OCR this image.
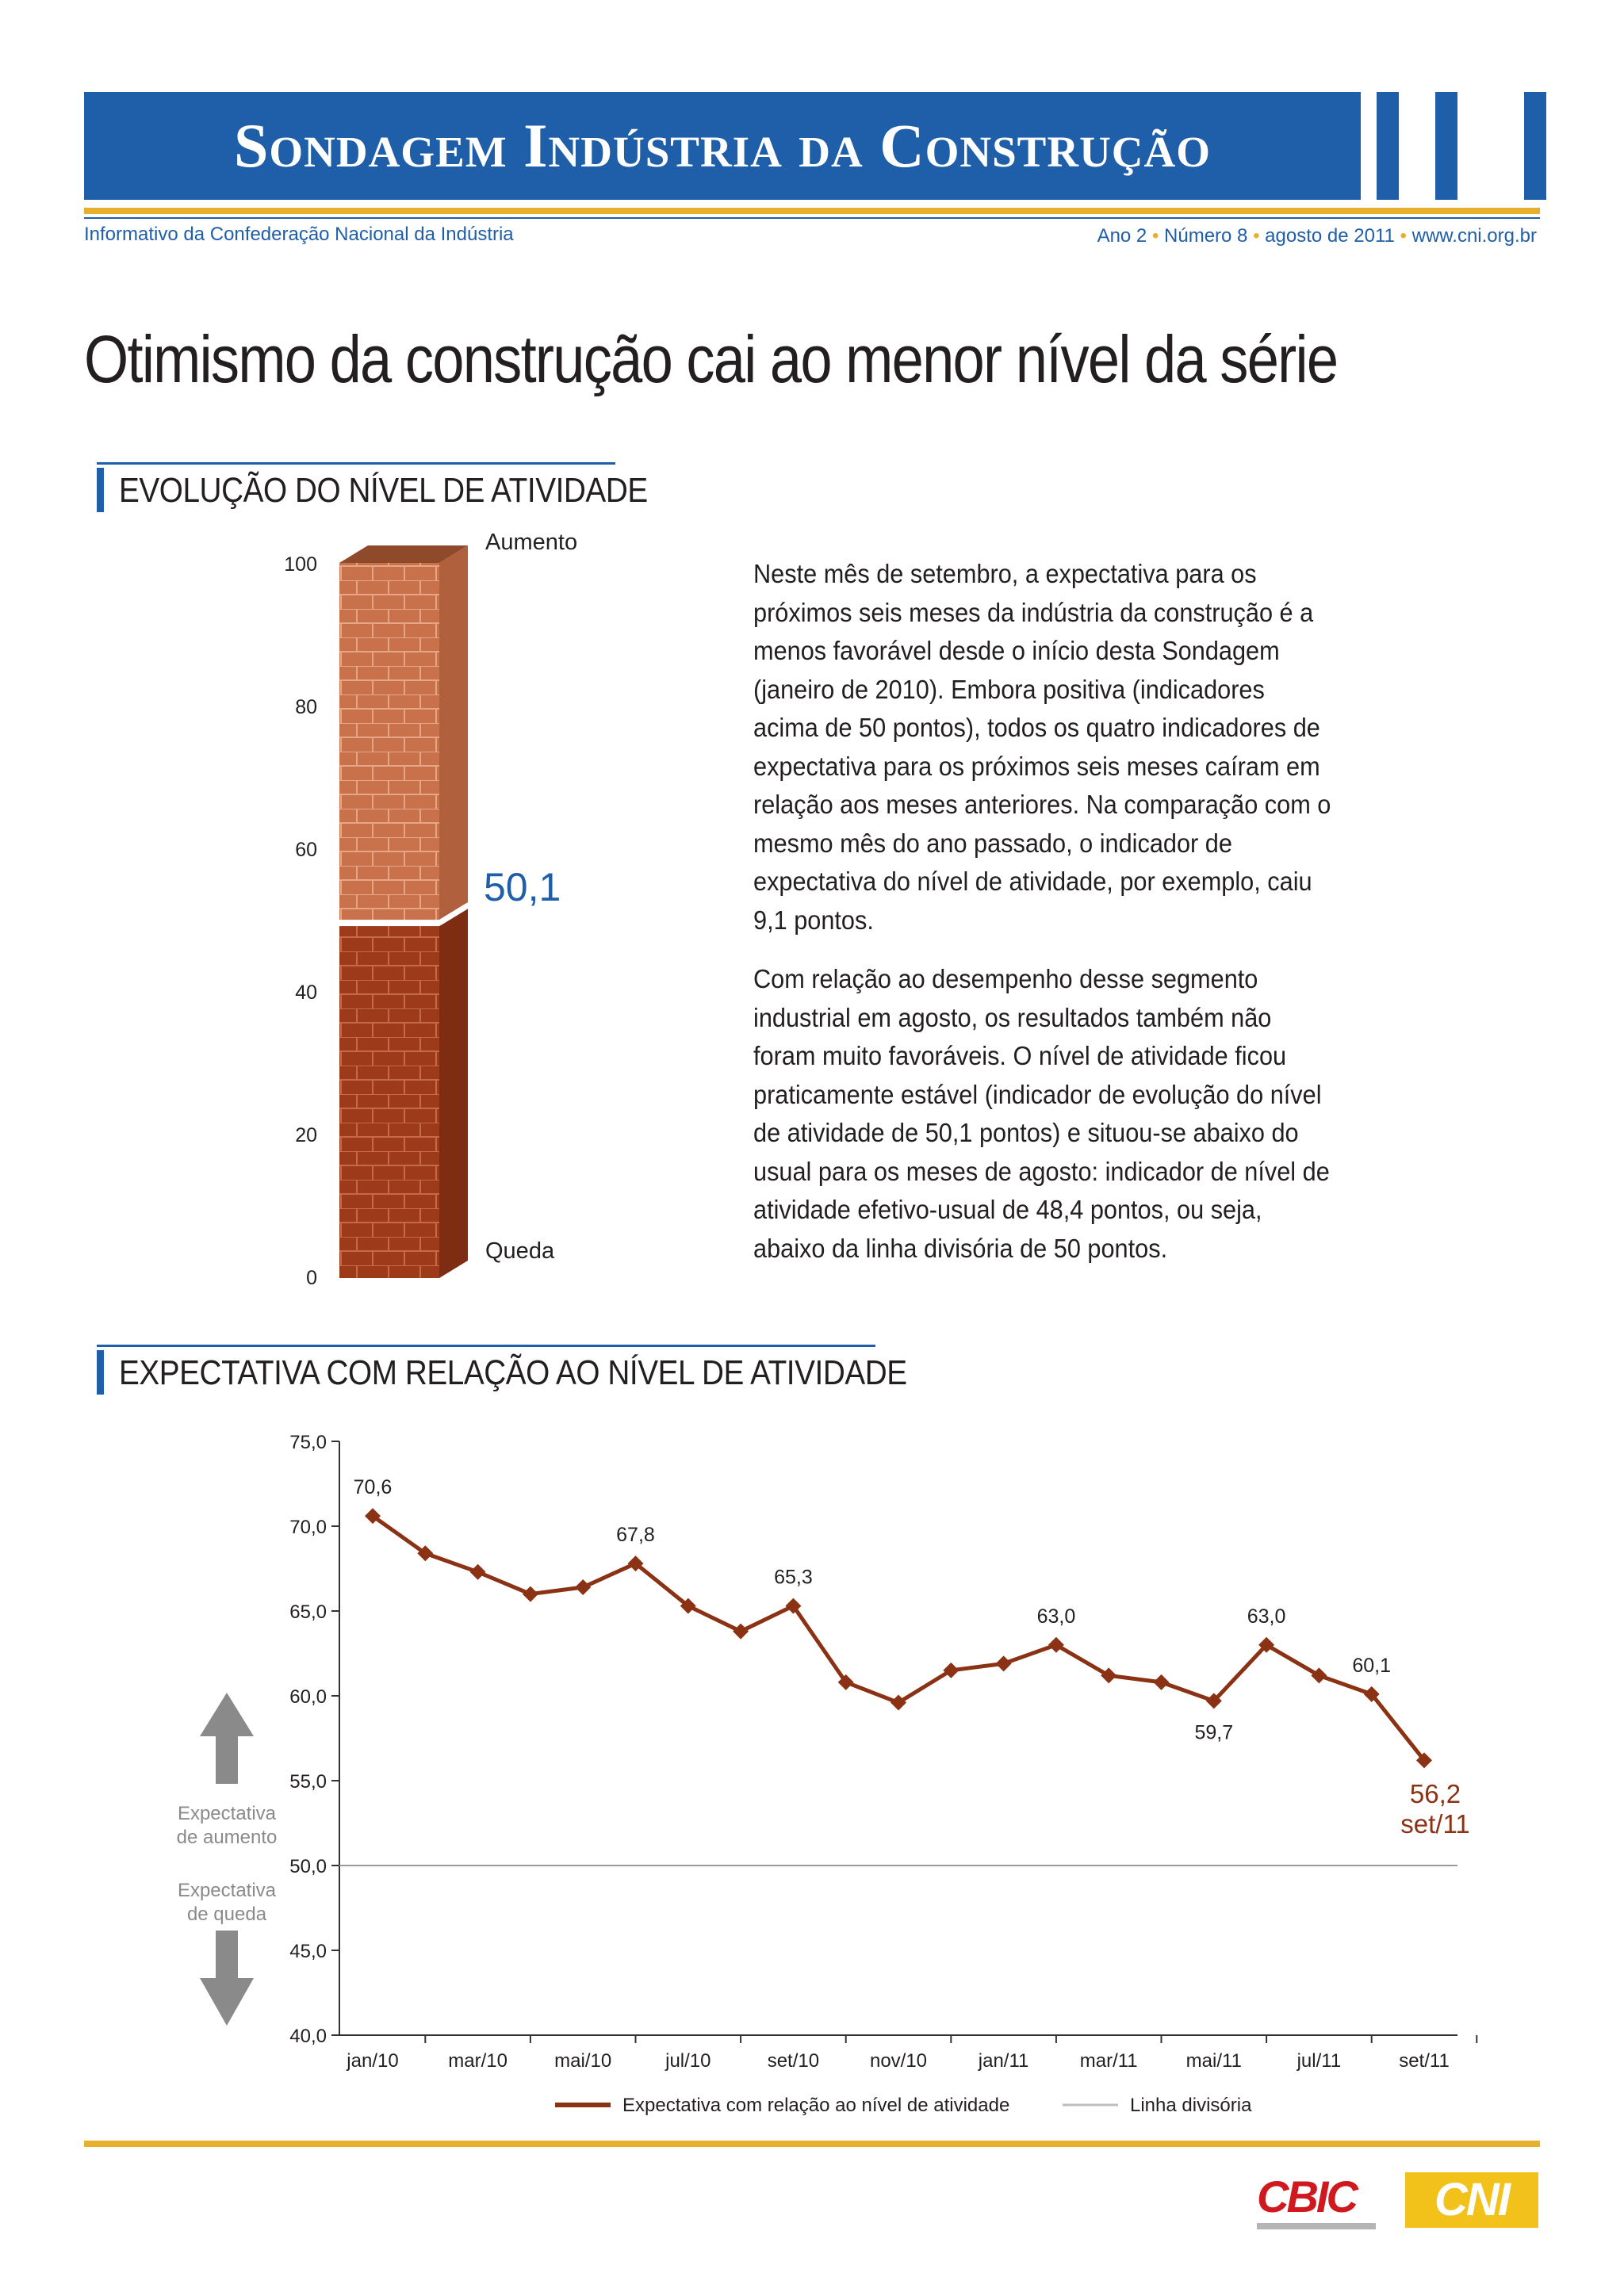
Sondagem Indústria da Construção
Informativo da Confederação Nacional da Indústria	Ano 2 • Número 8 • agosto de 2011 • www.cni.org.br
Otimismo da construção cai ao menor nível da série
EVOLUÇÃO DO NÍVEL DE ATIVIDADE
Aumento
Queda
50,1
100
80
60
40
20
0

Neste mês de setembro, a expectativa para os próximos seis meses da indústria da construção é a menos favorável desde o início desta Sondagem (janeiro de 2010). Embora positiva (indicadores acima de 50 pontos), todos os quatro indicadores de expectativa para os próximos seis meses caíram em relação aos meses anteriores. Na comparação com o mesmo mês do ano passado, o indicador de expectativa do nível de atividade, por exemplo, caiu 9,1 pontos.

Com relação ao desempenho desse segmento industrial em agosto, os resultados também não foram muito favoráveis. O nível de atividade ficou praticamente estável (indicador de evolução do nível de atividade de 50,1 pontos) e situou-se abaixo do usual para os meses de agosto: indicador de nível de atividade efetivo-usual de 48,4 pontos, ou seja, abaixo da linha divisória de 50 pontos.

EXPECTATIVA COM RELAÇÃO AO NÍVEL DE ATIVIDADE
Expectativa de aumento
Expectativa de queda
40,0
45,0
50,0
55,0
60,0
65,0
70,0
75,0
jan/10	mar/10 mai/10	jul/10	set/10	nov/10	jan/11	mar/11	mai/11	jul/11	set/11
70,6
67,8
65,3
63,0
59,7
63,0
60,1
56,2
set/11
Expectativa com relação ao nível de atividade	Linha divisória
CBIC	CNI
